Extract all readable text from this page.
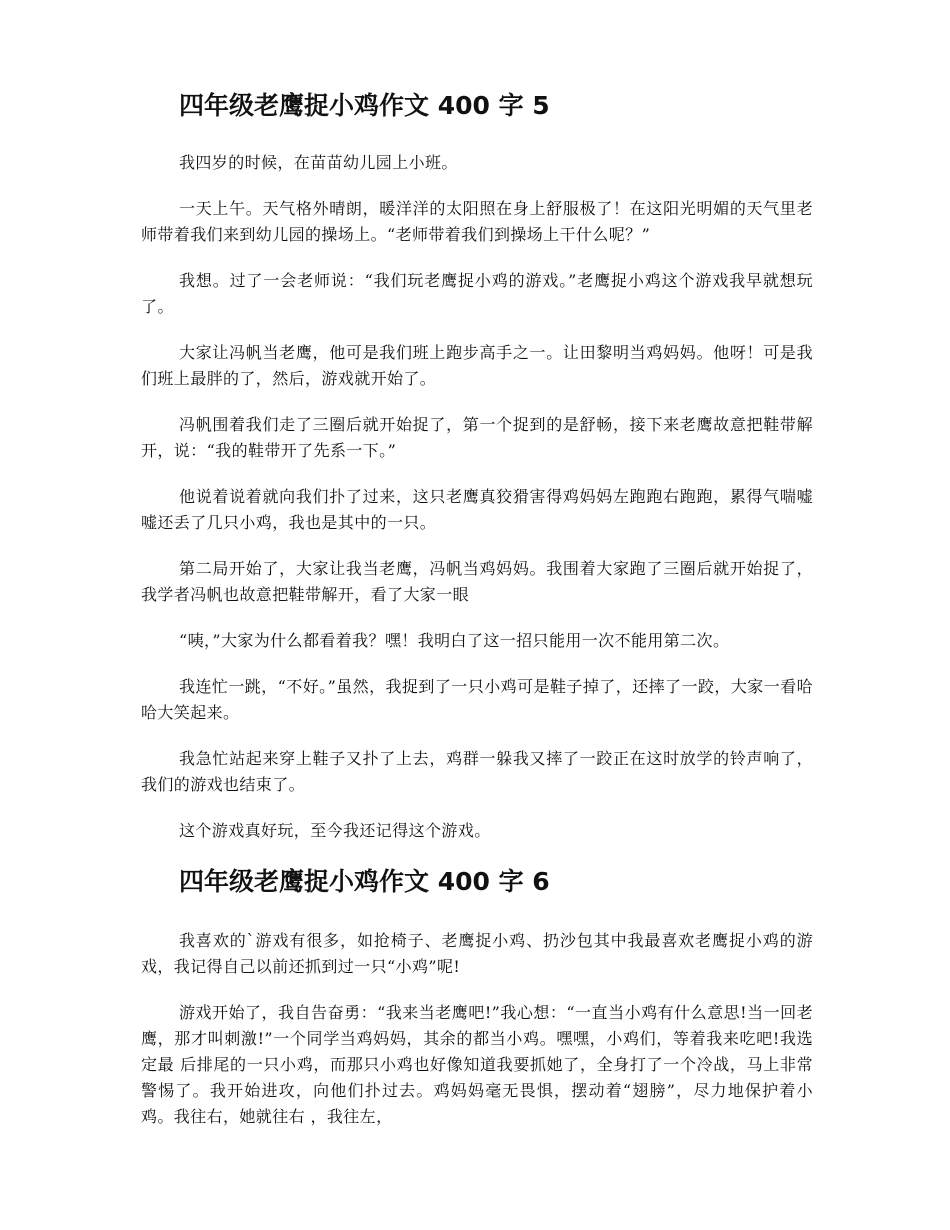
四年级老鹰捉小鸡作文 400 字 5

我四岁的时候，在苗苗幼儿园上小班。

一天上午。天气格外晴朗，暖洋洋的太阳照在身上舒服极了！在这阳光明媚的天气里老师带着我们来到幼儿园的操场上。“老师带着我们到操场上干什么呢？”

我想。过了一会老师说：“我们玩老鹰捉小鸡的游戏。”老鹰捉小鸡这个游戏我早就想玩了。

大家让冯帆当老鹰，他可是我们班上跑步高手之一。让田黎明当鸡妈妈。他呀！可是我们班上最胖的了，然后，游戏就开始了。

冯帆围着我们走了三圈后就开始捉了，第一个捉到的是舒畅，接下来老鹰故意把鞋带解开，说：“我的鞋带开了先系一下。”

他说着说着就向我们扑了过来，这只老鹰真狡猾害得鸡妈妈左跑跑右跑跑，累得气喘嘘嘘还丢了几只小鸡，我也是其中的一只。

第二局开始了，大家让我当老鹰，冯帆当鸡妈妈。我围着大家跑了三圈后就开始捉了，我学者冯帆也故意把鞋带解开，看了大家一眼

“咦，”大家为什么都看着我？嘿！我明白了这一招只能用一次不能用第二次。

我连忙一跳，“不好。”虽然，我捉到了一只小鸡可是鞋子掉了，还摔了一跤，大家一看哈哈大笑起来。

我急忙站起来穿上鞋子又扑了上去，鸡群一躲我又摔了一跤正在这时放学的铃声响了，我们的游戏也结束了。

这个游戏真好玩，至今我还记得这个游戏。

四年级老鹰捉小鸡作文 400 字 6

我喜欢的`游戏有很多，如抢椅子、老鹰捉小鸡、扔沙包其中我最喜欢老鹰捉小鸡的游戏，我记得自己以前还抓到过一只“小鸡”呢!

游戏开始了，我自告奋勇：“我来当老鹰吧!”我心想：“一直当小鸡有什么意思!当一回老鹰，那才叫刺激!”一个同学当鸡妈妈，其余的都当小鸡。嘿嘿，小鸡们，等着我来吃吧!我选定最 后排尾的一只小鸡，而那只小鸡也好像知道我要抓她了，全身打了一个冷战，马上非常警惕了。我开始进攻，向他们扑过去。鸡妈妈毫无畏惧，摆动着“翅膀”，尽力地保护着小鸡。我往右，她就往右 ，我往左，
